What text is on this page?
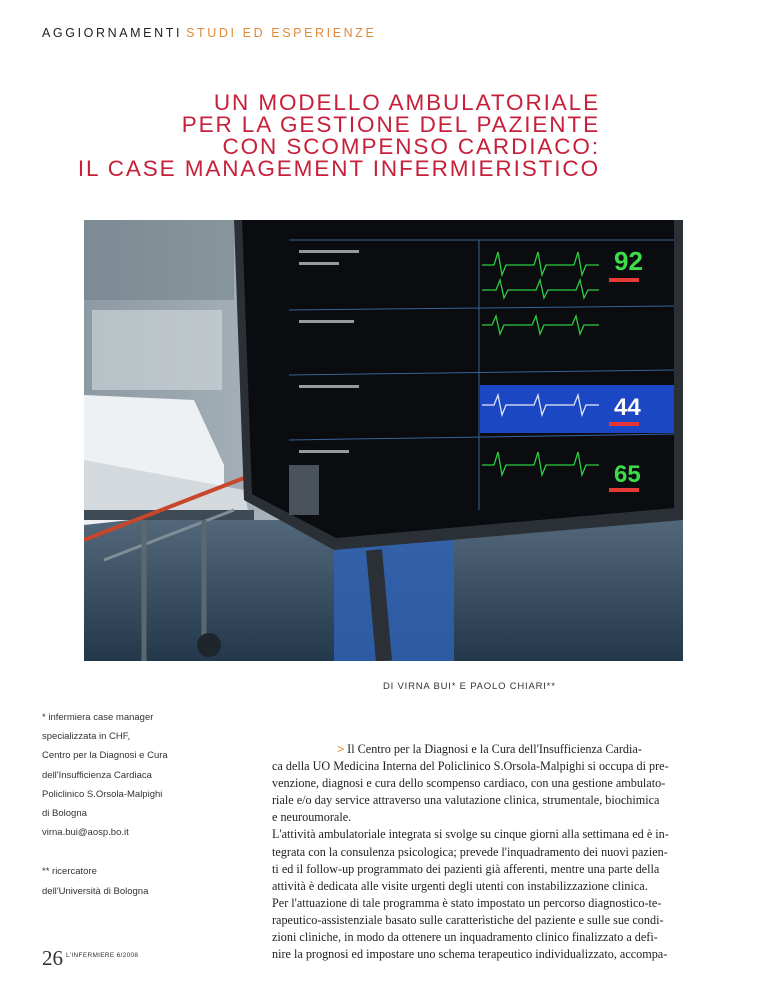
AGGIORNAMENTI STUDI ED ESPERIENZE
UN MODELLO AMBULATORIALE
PER LA GESTIONE DEL PAZIENTE
CON SCOMPENSO CARDIACO:
IL CASE MANAGEMENT INFERMIERISTICO
92
44
65
DI VIRNA BUI* E PAOLO CHIARI**
* infermiera case manager
specializzata in CHF,
Centro per la Diagnosi e Cura
dell'Insufficienza Cardiaca
Policlinico S.Orsola-Malpighi
di Bologna
virna.bui@aosp.bo.it
** ricercatore
dell'Università di Bologna
> Il Centro per la Diagnosi e la Cura dell'Insufficienza Cardia-
ca della UO Medicina Interna del Policlinico S.Orsola-Malpighi si occupa di pre-
venzione, diagnosi e cura dello scompenso cardiaco, con una gestione ambulato-
riale e/o day service attraverso una valutazione clinica, strumentale, biochimica
e neuroumorale.
L'attività ambulatoriale integrata si svolge su cinque giorni alla settimana ed è in-
tegrata con la consulenza psicologica; prevede l'inquadramento dei nuovi pazien-
ti ed il follow-up programmato dei pazienti già afferenti, mentre una parte della
attività è dedicata alle visite urgenti degli utenti con instabilizzazione clinica.
Per l'attuazione di tale programma è stato impostato un percorso diagnostico-te-
rapeutico-assistenziale basato sulle caratteristiche del paziente e sulle sue condi-
zioni cliniche, in modo da ottenere un inquadramento clinico finalizzato a defi-
nire la prognosi ed impostare uno schema terapeutico individualizzato, accompa-
26 $^{L'INFERMIERE 6/2008}$
